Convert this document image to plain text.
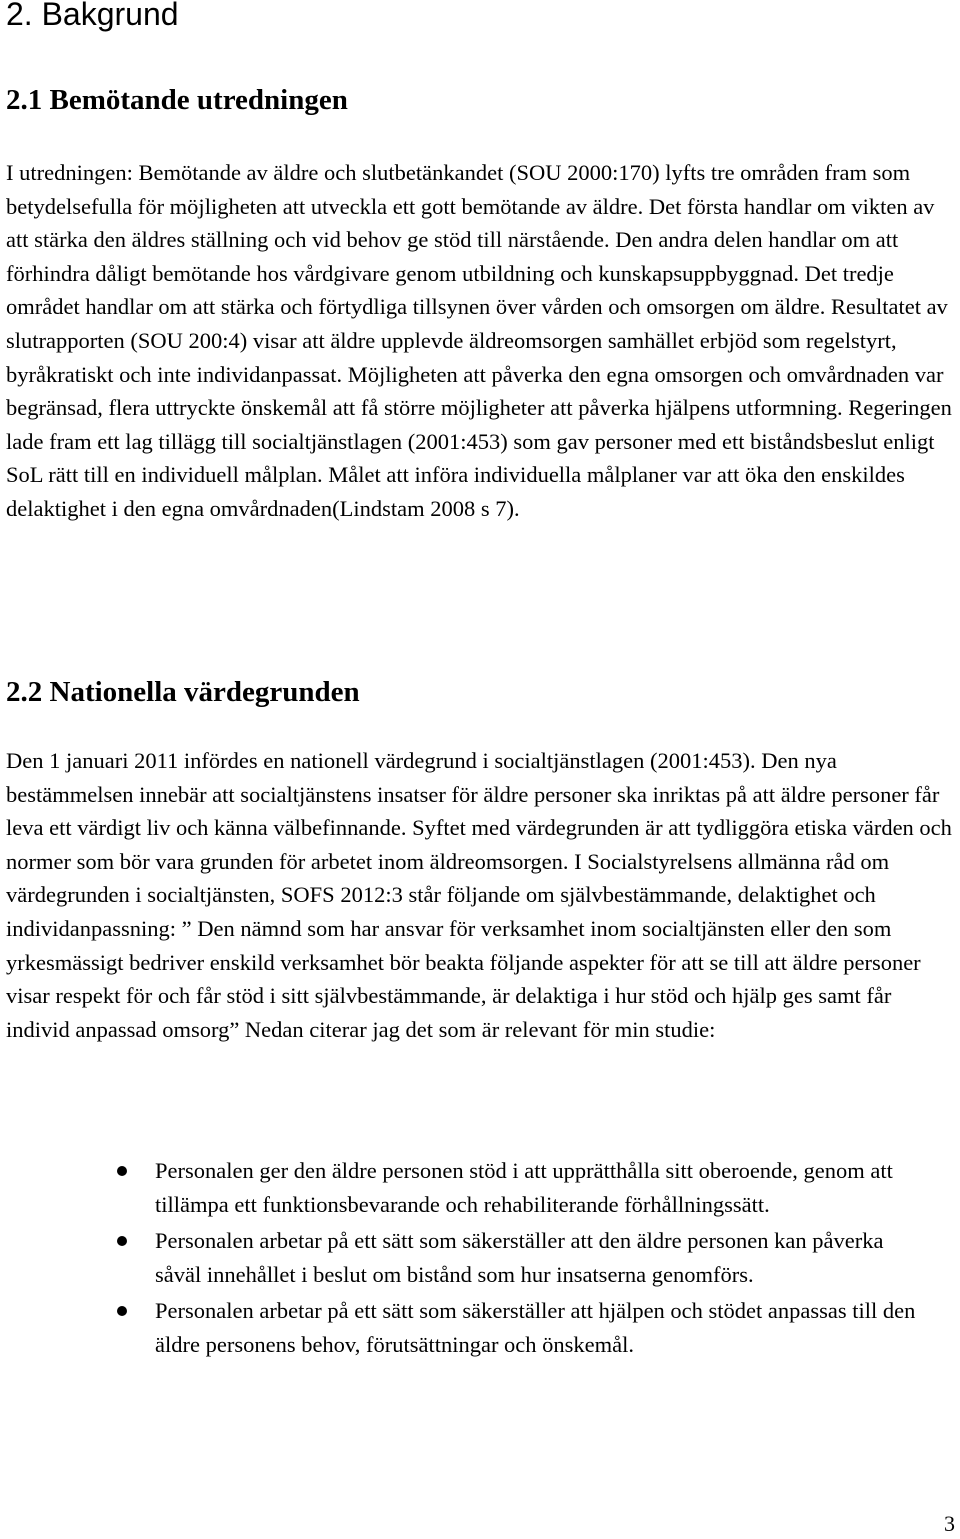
2. Bakgrund
2.1 Bemötande utredningen

I utredningen: Bemötande av äldre och slutbetänkandet (SOU 2000:170) lyfts tre områden fram som betydelsefulla för möjligheten att utveckla ett gott bemötande av äldre. Det första handlar om vikten av att stärka den äldres ställning och vid behov ge stöd till närstående. Den andra delen handlar om att förhindra dåligt bemötande hos vårdgivare genom utbildning och kunskapsuppbyggnad. Det tredje området handlar om att stärka och förtydliga tillsynen över vården och omsorgen om äldre. Resultatet av slutrapporten (SOU 200:4) visar att äldre upplevde äldreomsorgen samhället erbjöd som regelstyrt, byråkratiskt och inte individanpassat. Möjligheten att påverka den egna omsorgen och omvårdnaden var begränsad, flera uttryckte önskemål att få större möjligheter att påverka hjälpens utformning. Regeringen lade fram ett lag tillägg till socialtjänstlagen (2001:453) som gav personer med ett biståndsbeslut enligt SoL rätt till en individuell målplan. Målet att införa individuella målplaner var att öka den enskildes delaktighet i den egna omvårdnaden(Lindstam 2008 s 7).

2.2 Nationella värdegrunden

Den 1 januari 2011 infördes en nationell värdegrund i socialtjänstlagen (2001:453). Den nya bestämmelsen innebär att socialtjänstens insatser för äldre personer ska inriktas på att äldre personer får leva ett värdigt liv och känna välbefinnande. Syftet med värdegrunden är att tydliggöra etiska värden och normer som bör vara grunden för arbetet inom äldreomsorgen. I Socialstyrelsens allmänna råd om värdegrunden i socialtjänsten, SOFS 2012:3 står följande om självbestämmande, delaktighet och individanpassning: ” Den nämnd som har ansvar för verksamhet inom socialtjänsten eller den som yrkesmässigt bedriver enskild verksamhet bör beakta följande aspekter för att se till att äldre personer visar respekt för och får stöd i sitt självbestämmande, är delaktiga i hur stöd och hjälp ges samt får individ anpassad omsorg” Nedan citerar jag det som är relevant för min studie:

Personalen ger den äldre personen stöd i att upprätthålla sitt oberoende, genom att tillämpa ett funktionsbevarande och rehabiliterande förhållningssätt.
Personalen arbetar på ett sätt som säkerställer att den äldre personen kan påverka såväl innehållet i beslut om bistånd som hur insatserna genomförs.
Personalen arbetar på ett sätt som säkerställer att hjälpen och stödet anpassas till den äldre personens behov, förutsättningar och önskemål.
3
